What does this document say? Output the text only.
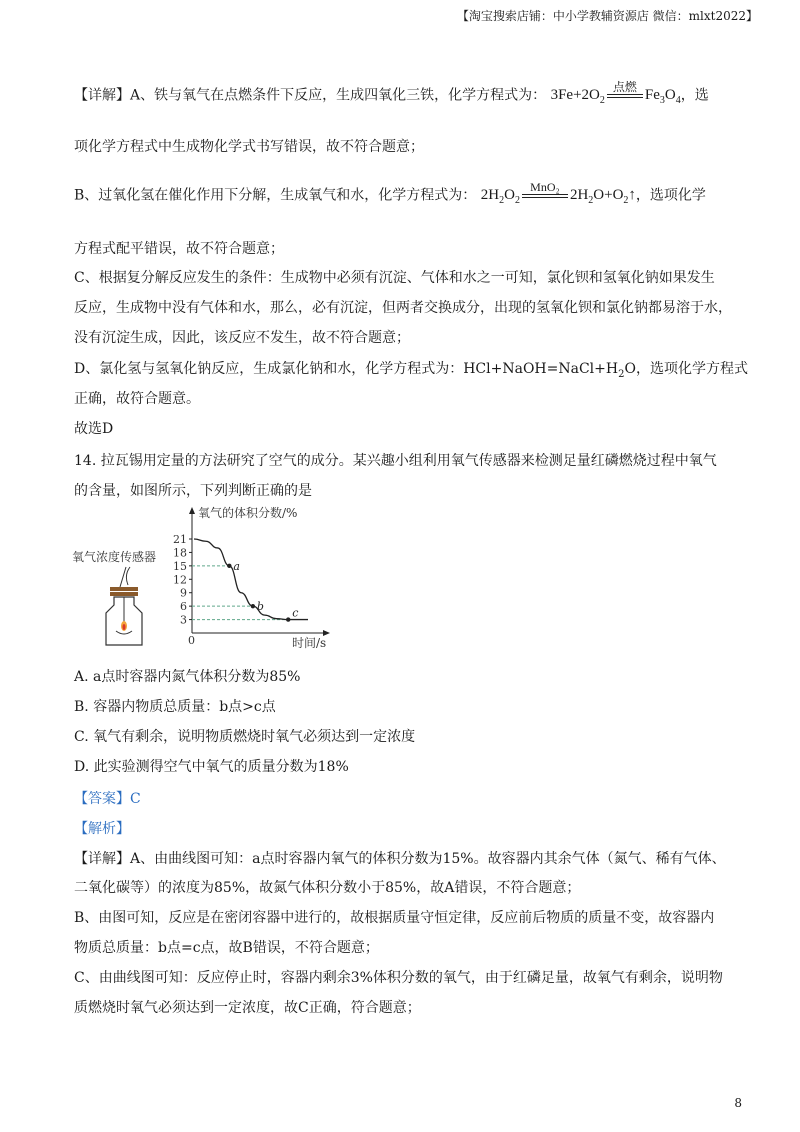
【淘宝搜索店铺：中小学教辅资源店 微信：mlxt2022】
【详解】A、铁与氧气在点燃条件下反应，生成四氧化三铁，化学方程式为： $3Fe+2O_2$
点燃
$Fe_3O_4$，选
项化学方程式中生成物化学式书写错误，故不符合题意；
B、过氧化氢在催化作用下分解，生成氧气和水，化学方程式为： $2H_2O_2$
MnO₂
$2H_2O+O_2↑$，选项化学
方程式配平错误，故不符合题意；
C、根据复分解反应发生的条件：生成物中必须有沉淀、气体和水之一可知，氯化钡和氢氧化钠如果发生
反应，生成物中没有气体和水，那么，必有沉淀，但两者交换成分，出现的氢氧化钡和氯化钠都易溶于水，
没有沉淀生成，因此，该反应不发生，故不符合题意；
D、氯化氢与氢氧化钠反应，生成氯化钠和水，化学方程式为：$HCl+NaOH=NaCl+H_2O$，选项化学方程式
正确，故符合题意。
故选D
14. 拉瓦锡用定量的方法研究了空气的成分。某兴趣小组利用氧气传感器来检测足量红磷燃烧过程中氧气
的含量，如图所示，下列判断正确的是
氧气浓度传感器
氧气的体积分数/%
时间/s
0
21
18
15
12
9
6
3
a
b	c
A. a点时容器内氮气体积分数为85%
B. 容器内物质总质量：b点>c点
C. 氧气有剩余，说明物质燃烧时氧气必须达到一定浓度
D. 此实验测得空气中氧气的质量分数为18%
【答案】C
【解析】
【详解】A、由曲线图可知：a点时容器内氧气的体积分数为15%。故容器内其余气体（氮气、稀有气体、
二氧化碳等）的浓度为85%，故氮气体积分数小于85%，故A错误，不符合题意；
B、由图可知，反应是在密闭容器中进行的，故根据质量守恒定律，反应前后物质的质量不变，故容器内
物质总质量：b点=c点，故B错误，不符合题意；
C、由曲线图可知：反应停止时，容器内剩余3%体积分数的氧气，由于红磷足量，故氧气有剩余，说明物
质燃烧时氧气必须达到一定浓度，故C正确，符合题意；
8
